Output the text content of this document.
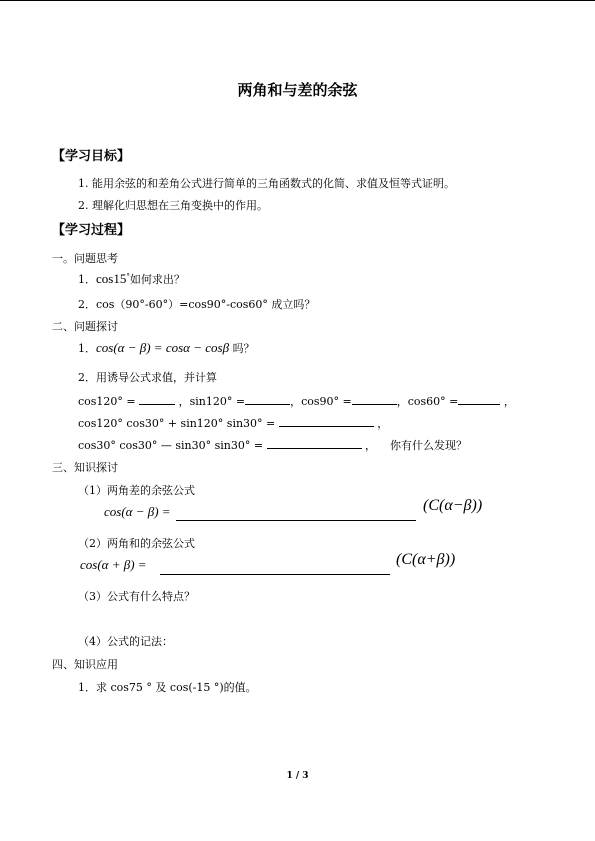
两角和与差的余弦
【学习目标】
1. 能用余弦的和差角公式进行简单的三角函数式的化简、求值及恒等式证明。
2. 理解化归思想在三角变换中的作用。
【学习过程】
一。问题思考
1．cos15°如何求出？
2．cos（90°-60°）=cos90°-cos60° 成立吗？
二、问题探讨
1．cos(α − β) = cosα − cosβ 吗？
2．用诱导公式求值，并计算
cos120° =	，sin120° =	，cos90° =	，cos60° =	，
cos120° cos30° + sin120° sin30° =	，
cos30° cos30° — sin30° sin30° =	， 你有什么发现？
三、知识探讨
（1）两角差的余弦公式
cos(α − β) =	(C(α−β))
（2）两角和的余弦公式
cos(α + β) =	(C(α+β))
（3）公式有什么特点？
（4）公式的记法：
四、知识应用
1．求 cos75 ° 及 cos(-15 °)的值。
1 / 3
